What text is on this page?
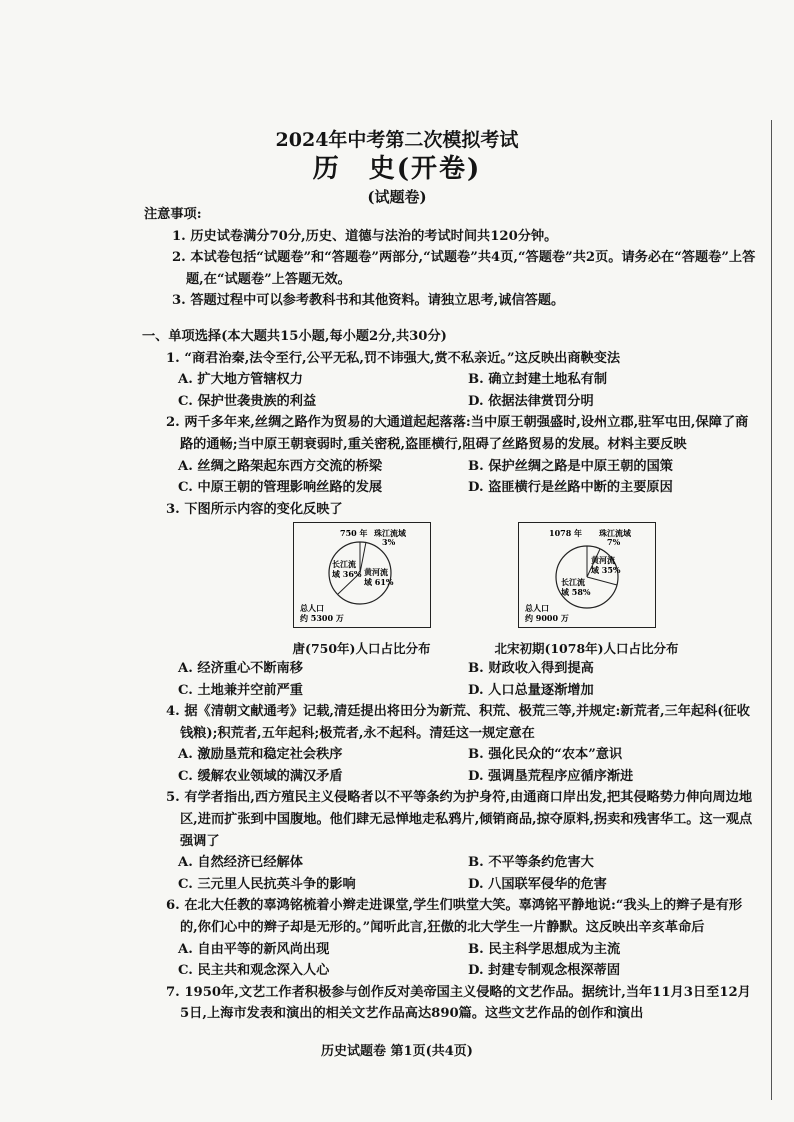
2024年中考第二次模拟考试
历　史(开卷)
(试题卷)
注意事项:
1. 历史试卷满分70分,历史、道德与法治的考试时间共120分钟。
2. 本试卷包括“试题卷”和“答题卷”两部分,“试题卷”共4页,“答题卷”共2页。请务必在“答题卷”上答题,在“试题卷”上答题无效。
3. 答题过程中可以参考教科书和其他资料。请独立思考,诚信答题。
一、单项选择(本大题共15小题,每小题2分,共30分)
1. “商君治秦,法令至行,公平无私,罚不讳强大,赏不私亲近。”这反映出商鞅变法
A. 扩大地方管辖权力	B. 确立封建土地私有制
C. 保护世袭贵族的利益	D. 依据法律赏罚分明
2. 两千多年来,丝绸之路作为贸易的大通道起起落落:当中原王朝强盛时,设州立郡,驻军屯田,保障了商路的通畅;当中原王朝衰弱时,重关密税,盗匪横行,阻碍了丝路贸易的发展。材料主要反映
A. 丝绸之路架起东西方交流的桥梁	B. 保护丝绸之路是中原王朝的国策
C. 中原王朝的管理影响丝路的发展	D. 盗匪横行是丝路中断的主要原因
3. 下图所示内容的变化反映了
750 年 珠江流域
3%
长江流
域 36% 黄河流
域 61%
总人口
约 5300 万
唐(750年)人口占比分布
1078 年 珠江流域
7%
黄河流
域 35%
长江流
域 58%
总人口
约 9000 万
北宋初期(1078年)人口占比分布
A. 经济重心不断南移	B. 财政收入得到提高
C. 土地兼并空前严重	D. 人口总量逐渐增加
4. 据《清朝文献通考》记载,清廷提出将田分为新荒、积荒、极荒三等,并规定:新荒者,三年起科(征收钱粮);积荒者,五年起科;极荒者,永不起科。清廷这一规定意在
A. 激励垦荒和稳定社会秩序	B. 强化民众的“农本”意识
C. 缓解农业领域的满汉矛盾	D. 强调垦荒程序应循序渐进
5. 有学者指出,西方殖民主义侵略者以不平等条约为护身符,由通商口岸出发,把其侵略势力伸向周边地区,进而扩张到中国腹地。他们肆无忌惮地走私鸦片,倾销商品,掠夺原料,拐卖和残害华工。这一观点强调了
A. 自然经济已经解体	B. 不平等条约危害大
C. 三元里人民抗英斗争的影响	D. 八国联军侵华的危害
6. 在北大任教的辜鸿铭梳着小辫走进课堂,学生们哄堂大笑。辜鸿铭平静地说:“我头上的辫子是有形的,你们心中的辫子却是无形的。”闻听此言,狂傲的北大学生一片静默。这反映出辛亥革命后
A. 自由平等的新风尚出现	B. 民主科学思想成为主流
C. 民主共和观念深入人心	D. 封建专制观念根深蒂固
7. 1950年,文艺工作者积极参与创作反对美帝国主义侵略的文艺作品。据统计,当年11月3日至12月5日,上海市发表和演出的相关文艺作品高达890篇。这些文艺作品的创作和演出
历史试题卷 第1页(共4页)
